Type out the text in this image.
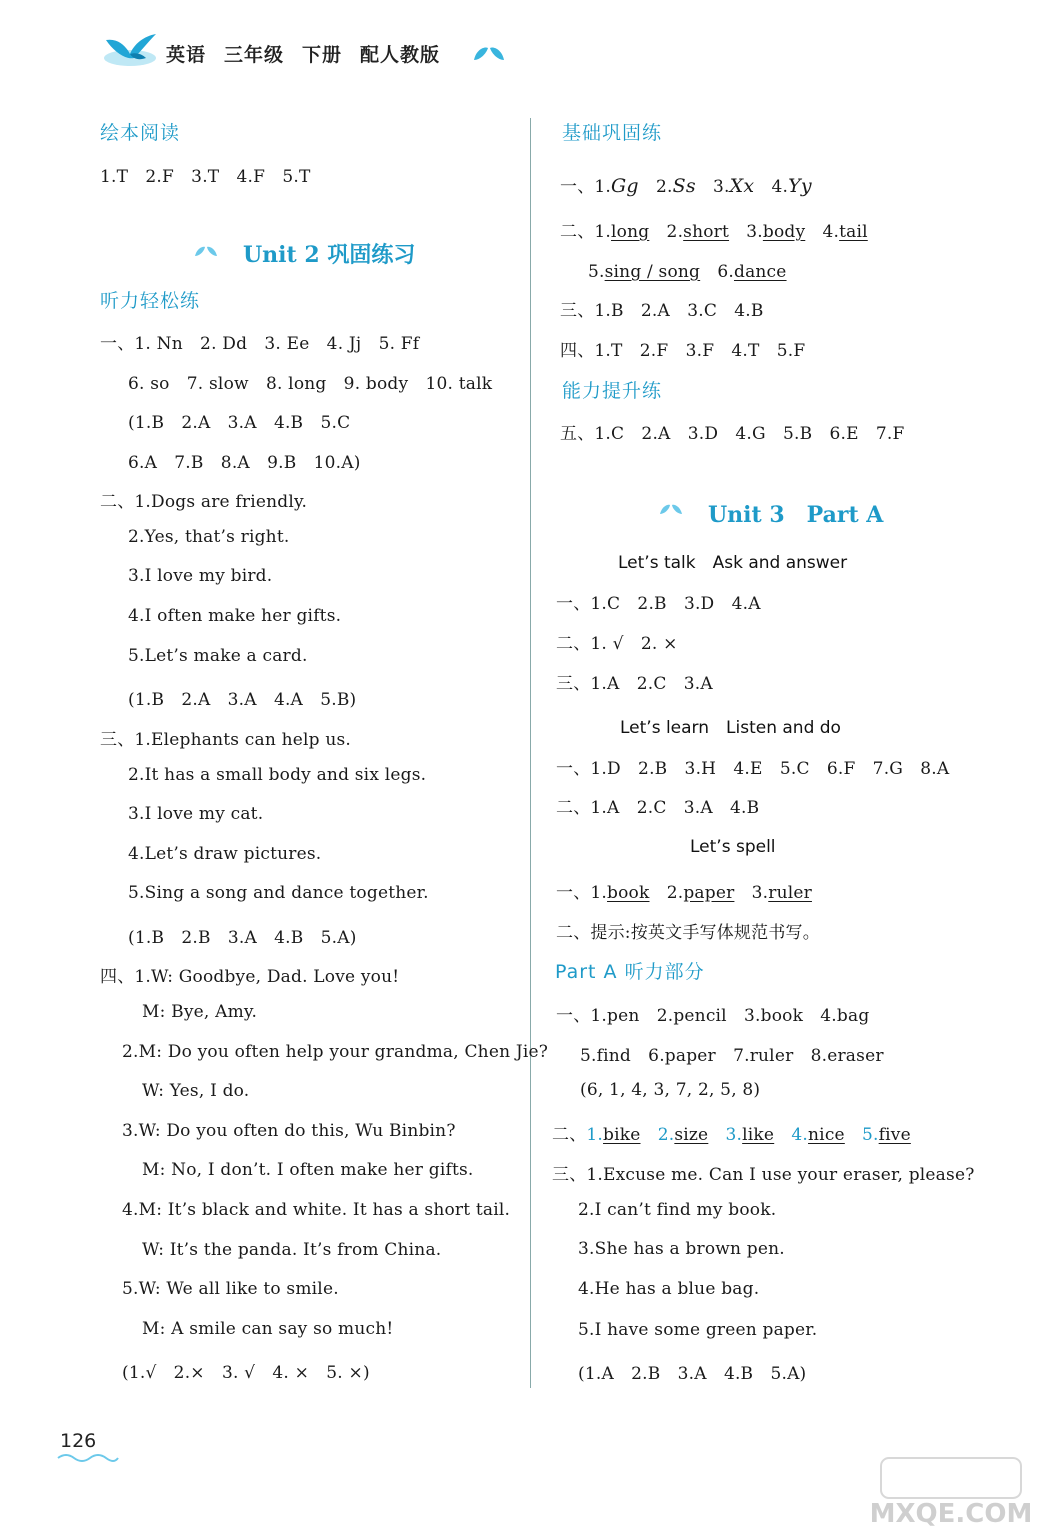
英语 三年级 下册 配人教版
绘本阅读
1.T　2.F　3.T　4.F　5.T
Unit 2 巩固练习
听力轻松练
一、1. Nn　2. Dd　3. Ee　4. Jj　5. Ff
6. so　7. slow　8. long　9. body　10. talk
(1.B　2.A　3.A　4.B　5.C
6.A　7.B　8.A　9.B　10.A)
二、1.Dogs are friendly.
2.Yes, that’s right.
3.I love my bird.
4.I often make her gifts.
5.Let’s make a card.
(1.B　2.A　3.A　4.A　5.B)
三、1.Elephants can help us.
2.It has a small body and six legs.
3.I love my cat.
4.Let’s draw pictures.
5.Sing a song and dance together.
(1.B　2.B　3.A　4.B　5.A)
四、1.W: Goodbye, Dad. Love you!
M: Bye, Amy.
2.M: Do you often help your grandma, Chen Jie?
W: Yes, I do.
3.W: Do you often do this, Wu Binbin?
M: No, I don’t. I often make her gifts.
4.M: It’s black and white. It has a short tail.
W: It’s the panda. It’s from China.
5.W: We all like to smile.
M: A smile can say so much!
(1.√　2.×　3. √　4. ×　5. ×)
基础巩固练
一、1.Gg　 2.Ss　 3.Xx　 4.Yy
二、1.long　 2.short　 3.body　 4.tail
5.sing / song　 6.dance
三、1.B　2.A　3.C　4.B
四、1.T　2.F　3.F　4.T　5.F
能力提升练
五、1.C　2.A　3.D　4.G　5.B　6.E　7.F
Unit 3　Part A
Let’s talk　Ask and answer
一、1.C　2.B　3.D　4.A
二、1. √　2. ×
三、1.A　2.C　3.A
Let’s learn　Listen and do
一、1.D　2.B　3.H　4.E　5.C　6.F　7.G　8.A
二、1.A　2.C　3.A　4.B
Let’s spell
一、1.book　 2.paper　 3.ruler
二、提示:按英文手写体规范书写。
Part A 听力部分
一、1.pen　2.pencil　3.book　4.bag
5.find　6.paper　7.ruler　8.eraser
(6, 1, 4, 3, 7, 2, 5, 8)
二、1.bike　 2.size　 3.like　 4.nice　 5.five
三、1.Excuse me. Can I use your eraser, please?
2.I can’t find my book.
3.She has a brown pen.
4.He has a blue bag.
5.I have some green paper.
(1.A　2.B　3.A　4.B　5.A)
126
MXQE.COM
